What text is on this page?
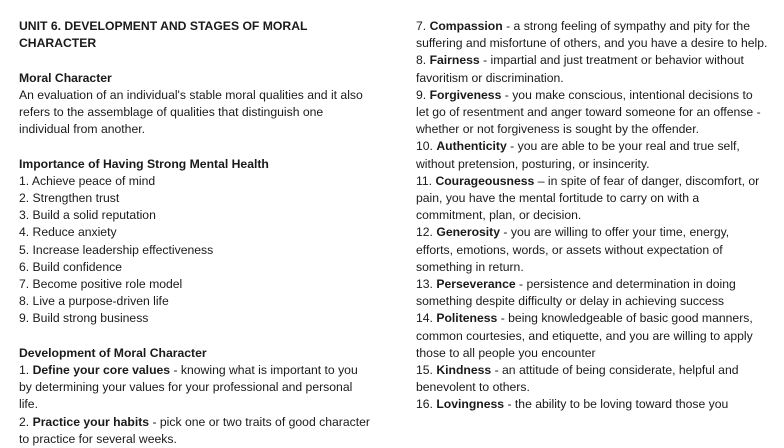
UNIT 6. DEVELOPMENT AND STAGES OF MORAL CHARACTER

Moral Character

An evaluation of an individual's stable moral qualities and it also refers to the assemblage of qualities that distinguish one individual from another.

Importance of Having Strong Mental Health

1. Achieve peace of mind

2. Strengthen trust

3. Build a solid reputation

4. Reduce anxiety

5. Increase leadership effectiveness

6. Build confidence

7. Become positive role model

8. Live a purpose-driven life

9. Build strong business

Development of Moral Character

1. Define your core values - knowing what is important to you by determining your values for your professional and personal life.

2. Practice your habits - pick one or two traits of good character to practice for several weeks.

7. Compassion - a strong feeling of sympathy and pity for the suffering and misfortune of others, and you have a desire to help.

8. Fairness - impartial and just treatment or behavior without favoritism or discrimination.

9. Forgiveness - you make conscious, intentional decisions to let go of resentment and anger toward someone for an offense - whether or not forgiveness is sought by the offender.

10. Authenticity - you are able to be your real and true self, without pretension, posturing, or insincerity.

11. Courageousness – in spite of fear of danger, discomfort, or pain, you have the mental fortitude to carry on with a commitment, plan, or decision.

12. Generosity - you are willing to offer your time, energy, efforts, emotions, words, or assets without expectation of something in return.

13. Perseverance - persistence and determination in doing something despite difficulty or delay in achieving success

14. Politeness - being knowledgeable of basic good manners, common courtesies, and etiquette, and you are willing to apply those to all people you encounter

15. Kindness - an attitude of being considerate, helpful and benevolent to others.

16. Lovingness - the ability to be loving toward those you
